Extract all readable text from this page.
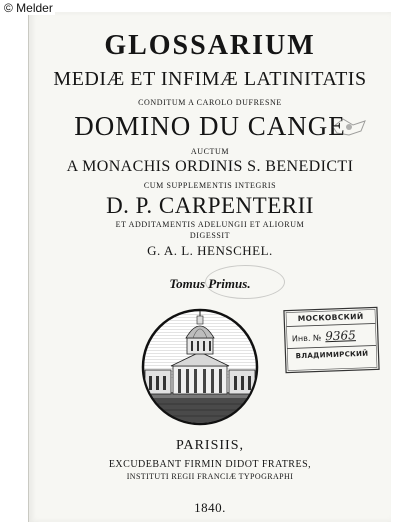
© Melder
GLOSSARIUM
MEDIÆ ET INFIMÆ LATINITATIS
CONDITUM A CAROLO DUFRESNE
DOMINO DU CANGE
AUCTUM
A MONACHIS ORDINIS S. BENEDICTI
CUM SUPPLEMENTIS INTEGRIS
D. P. CARPENTERII
ET ADDITAMENTIS ADELUNGII ET ALIORUM
DIGESSIT
G. A. L. HENSCHEL.
Tomus Primus.
МОСКОВСКИЙ
Инв. № 9365
ВЛАДИМИРСКИЙ
PARISIIS,
EXCUDEBANT FIRMIN DIDOT FRATRES,
INSTITUTI REGII FRANCIÆ TYPOGRAPHI
1840.
